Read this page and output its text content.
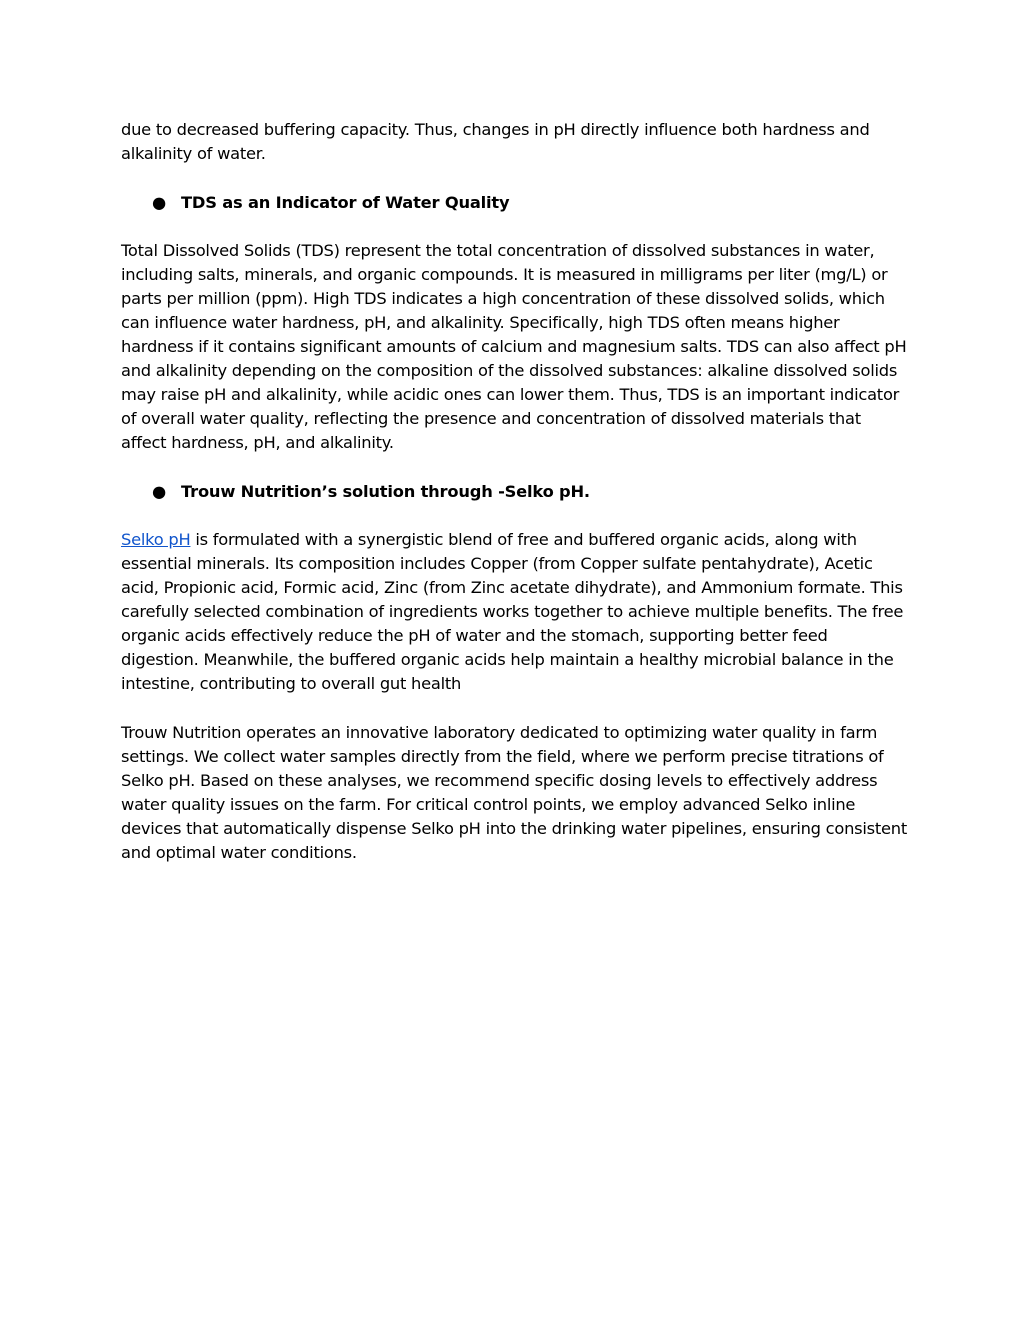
due to decreased buffering capacity. Thus, changes in pH directly influence both hardness and alkalinity of water.

● TDS as an Indicator of Water Quality

Total Dissolved Solids (TDS) represent the total concentration of dissolved substances in water, including salts, minerals, and organic compounds. It is measured in milligrams per liter (mg/L) or parts per million (ppm). High TDS indicates a high concentration of these dissolved solids, which can influence water hardness, pH, and alkalinity. Specifically, high TDS often means higher hardness if it contains significant amounts of calcium and magnesium salts. TDS can also affect pH and alkalinity depending on the composition of the dissolved substances: alkaline dissolved solids may raise pH and alkalinity, while acidic ones can lower them. Thus, TDS is an important indicator of overall water quality, reflecting the presence and concentration of dissolved materials that affect hardness, pH, and alkalinity.

● Trouw Nutrition’s solution through -Selko pH.

Selko pH is formulated with a synergistic blend of free and buffered organic acids, along with essential minerals. Its composition includes Copper (from Copper sulfate pentahydrate), Acetic acid, Propionic acid, Formic acid, Zinc (from Zinc acetate dihydrate), and Ammonium formate. This carefully selected combination of ingredients works together to achieve multiple benefits. The free organic acids effectively reduce the pH of water and the stomach, supporting better feed digestion. Meanwhile, the buffered organic acids help maintain a healthy microbial balance in the intestine, contributing to overall gut health

Trouw Nutrition operates an innovative laboratory dedicated to optimizing water quality in farm settings. We collect water samples directly from the field, where we perform precise titrations of Selko pH. Based on these analyses, we recommend specific dosing levels to effectively address water quality issues on the farm. For critical control points, we employ advanced Selko inline devices that automatically dispense Selko pH into the drinking water pipelines, ensuring consistent and optimal water conditions.
